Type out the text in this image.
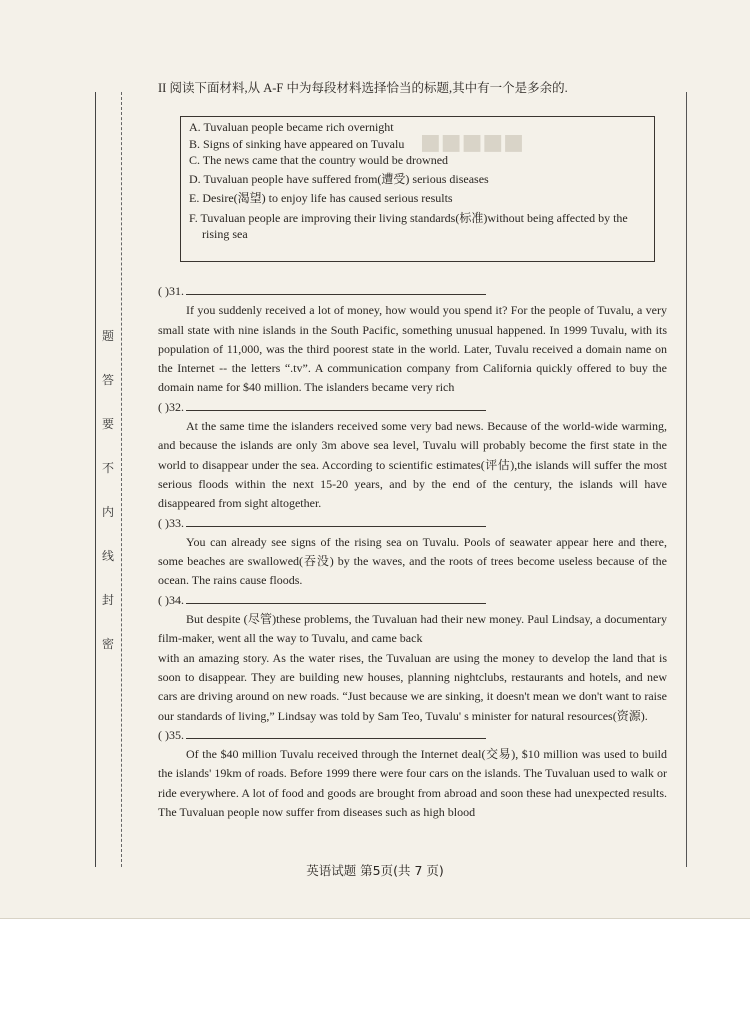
■■■■■
题
答
要
不
内
线
封
密
II 阅读下面材料,从 A-F 中为每段材料选择恰当的标题,其中有一个是多余的.
A. Tuvaluan people became rich overnight
B. Signs of sinking have appeared on Tuvalu
C. The news came that the country would be drowned
D. Tuvaluan people have suffered from(遭受) serious diseases
E. Desire(渴望) to enjoy life has caused serious results
F. Tuvaluan people are improving their living standards(标准)without being affected by the rising sea
( )31.

If you suddenly received a lot of money, how would you spend it? For the people of Tuvalu, a very small state with nine islands in the South Pacific, something unusual happened. In 1999 Tuvalu, with its population of 11,000, was the third poorest state in the world. Later, Tuvalu received a domain name on the Internet -- the letters “.tv”. A communication company from California quickly offered to buy the domain name for $40 million. The islanders became very rich

( )32.

At the same time the islanders received some very bad news. Because of the world-wide warming, and because the islands are only 3m above sea level, Tuvalu will probably become the first state in the world to disappear under the sea. According to scientific estimates(评估),the islands will suffer the most serious floods within the next 15-20 years, and by the end of the century, the islands will have disappeared from sight altogether.

( )33.

You can already see signs of the rising sea on Tuvalu. Pools of seawater appear here and there, some beaches are swallowed(吞没) by the waves, and the roots of trees become useless because of the ocean. The rains cause floods.

( )34.

But despite (尽管)these problems, the Tuvaluan had their new money. Paul Lindsay, a documentary film-maker, went all the way to Tuvalu, and came back

with an amazing story. As the water rises, the Tuvaluan are using the money to develop the land that is soon to disappear. They are building new houses, planning nightclubs, restaurants and hotels, and new cars are driving around on new roads. “Just because we are sinking, it doesn't mean we don't want to raise our standards of living,” Lindsay was told by Sam Teo, Tuvalu' s minister for natural resources(资源).

( )35.

Of the $40 million Tuvalu received through the Internet deal(交易), $10 million was used to build the islands' 19km of roads. Before 1999 there were four cars on the islands. The Tuvaluan used to walk or ride everywhere. A lot of food and goods are brought from abroad and soon these had unexpected results. The Tuvaluan people now suffer from diseases such as high blood

英语试题 第5页(共 7 页)
